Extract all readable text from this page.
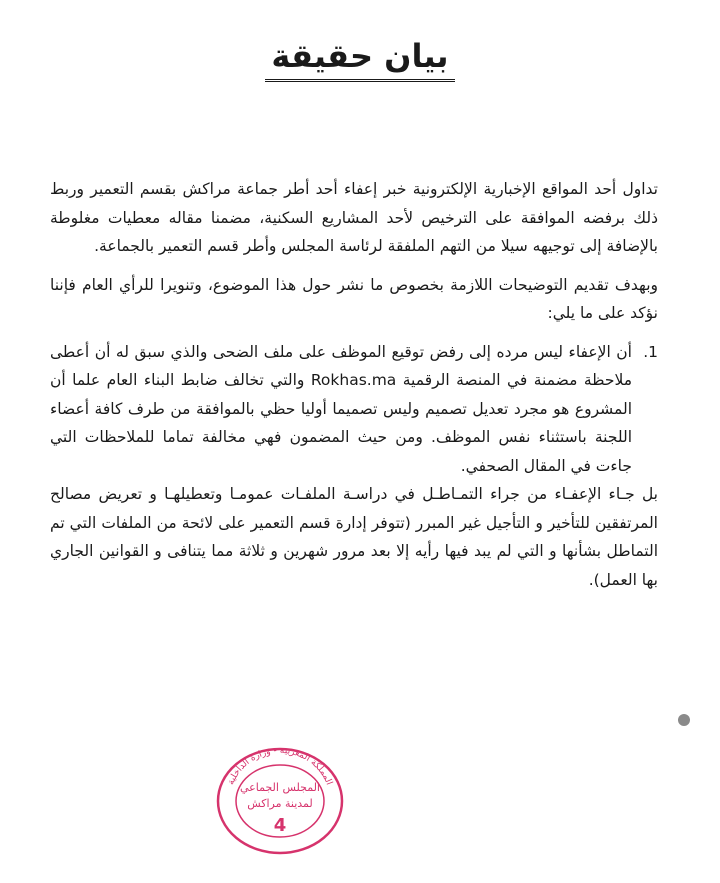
بيان حقيقة

تداول أحد المواقع الإخبارية الإلكترونية خبر إعفاء أحد أطر جماعة مراكش بقسم التعمير وربط ذلك برفضه الموافقة على الترخيص لأحد المشاريع السكنية، مضمنا مقاله معطيات مغلوطة بالإضافة إلى توجيهه سيلا من التهم الملفقة لرئاسة المجلس وأطر قسم التعمير بالجماعة.

وبهدف تقديم التوضيحات اللازمة بخصوص ما نشر حول هذا الموضوع، وتنويرا للرأي العام فإننا نؤكد على ما يلي:

1.
أن الإعفاء ليس مرده إلى رفض توقيع الموظف على ملف الضحى والذي سبق له أن أعطى ملاحظة مضمنة في المنصة الرقمية Rokhas.ma والتي تخالف ضابط البناء العام علما أن المشروع هو مجرد تعديل تصميم وليس تصميما أوليا حظي بالموافقة من طرف كافة أعضاء اللجنة باستثناء نفس الموظف. ومن حيث المضمون فهي مخالفة تماما للملاحظات التي جاءت في المقال الصحفي.

بل جـاء الإعفـاء من جراء التمـاطـل في دراسـة الملفـات عمومـا وتعطيلهـا و تعريض مصالح المرتفقين للتأخير و التأجيل غير المبرر (تتوفر إدارة قسم التعمير على لائحة من الملفات التي تم التماطل بشأنها و التي لم يبد فيها رأيه إلا بعد مرور شهرين و ثلاثة مما يتنافى و القوانين الجاري بها العمل).

المملكة المغربية - وزارة الداخلية
المجلس الجماعي
لمدينة مراكش
4
